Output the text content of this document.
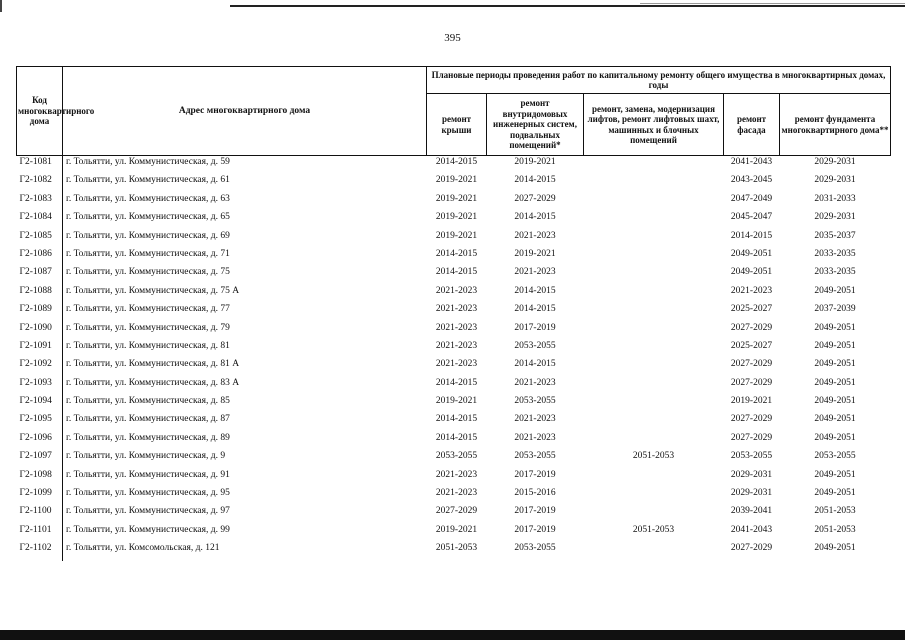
395
Код многоквартирного дома	Адрес многоквартирного дома	Плановые периоды проведения работ по капитальному ремонту общего имущества в многоквартирных домах, годы				
		ремонт крыши	ремонт внутридомовых инженерных систем, подвальных помещений*	ремонт, замена, модернизация лифтов, ремонт лифтовых шахт, машинных и блочных помещений	ремонт фасада	ремонт фундамента многоквартирного дома**
Г2-1081	г. Тольятти, ул. Коммунистическая, д. 59	2014-2015	2019-2021		2041-2043	2029-2031
Г2-1082	г. Тольятти, ул. Коммунистическая, д. 61	2019-2021	2014-2015		2043-2045	2029-2031
Г2-1083	г. Тольятти, ул. Коммунистическая, д. 63	2019-2021	2027-2029		2047-2049	2031-2033
Г2-1084	г. Тольятти, ул. Коммунистическая, д. 65	2019-2021	2014-2015		2045-2047	2029-2031
Г2-1085	г. Тольятти, ул. Коммунистическая, д. 69	2019-2021	2021-2023		2014-2015	2035-2037
Г2-1086	г. Тольятти, ул. Коммунистическая, д. 71	2014-2015	2019-2021		2049-2051	2033-2035
Г2-1087	г. Тольятти, ул. Коммунистическая, д. 75	2014-2015	2021-2023		2049-2051	2033-2035
Г2-1088	г. Тольятти, ул. Коммунистическая, д. 75 А	2021-2023	2014-2015		2021-2023	2049-2051
Г2-1089	г. Тольятти, ул. Коммунистическая, д. 77	2021-2023	2014-2015		2025-2027	2037-2039
Г2-1090	г. Тольятти, ул. Коммунистическая, д. 79	2021-2023	2017-2019		2027-2029	2049-2051
Г2-1091	г. Тольятти, ул. Коммунистическая, д. 81	2021-2023	2053-2055		2025-2027	2049-2051
Г2-1092	г. Тольятти, ул. Коммунистическая, д. 81 А	2021-2023	2014-2015		2027-2029	2049-2051
Г2-1093	г. Тольятти, ул. Коммунистическая, д. 83 А	2014-2015	2021-2023		2027-2029	2049-2051
Г2-1094	г. Тольятти, ул. Коммунистическая, д. 85	2019-2021	2053-2055		2019-2021	2049-2051
Г2-1095	г. Тольятти, ул. Коммунистическая, д. 87	2014-2015	2021-2023		2027-2029	2049-2051
Г2-1096	г. Тольятти, ул. Коммунистическая, д. 89	2014-2015	2021-2023		2027-2029	2049-2051
Г2-1097	г. Тольятти, ул. Коммунистическая, д. 9	2053-2055	2053-2055	2051-2053	2053-2055	2053-2055
Г2-1098	г. Тольятти, ул. Коммунистическая, д. 91	2021-2023	2017-2019		2029-2031	2049-2051
Г2-1099	г. Тольятти, ул. Коммунистическая, д. 95	2021-2023	2015-2016		2029-2031	2049-2051
Г2-1100	г. Тольятти, ул. Коммунистическая, д. 97	2027-2029	2017-2019		2039-2041	2051-2053
Г2-1101	г. Тольятти, ул. Коммунистическая, д. 99	2019-2021	2017-2019	2051-2053	2041-2043	2051-2053
Г2-1102	г. Тольятти, ул. Комсомольская, д. 121	2051-2053	2053-2055		2027-2029	2049-2051
